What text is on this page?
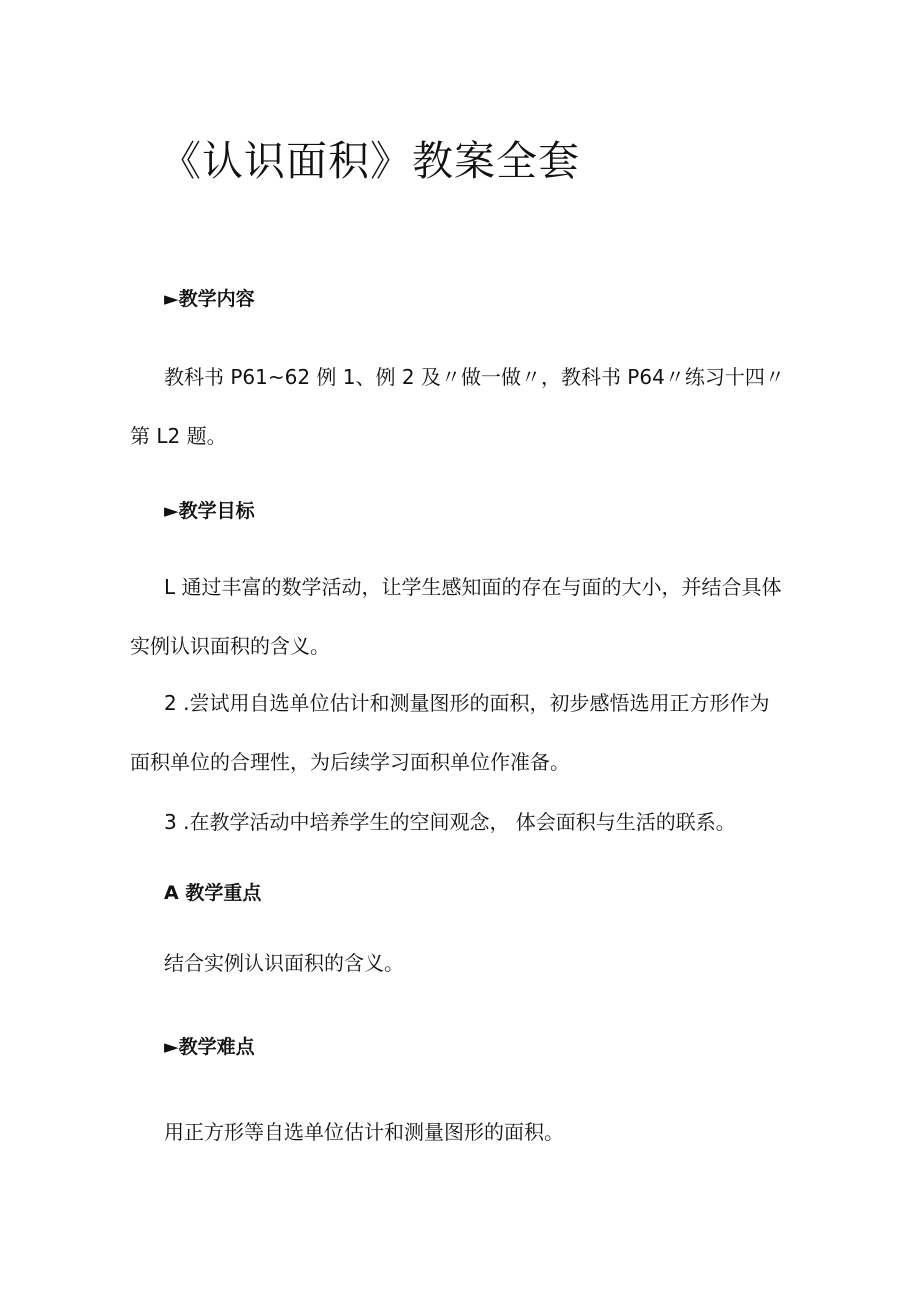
《认识面积》教案全套
►教学内容

教科书 P61~62 例 1、例 2 及〃做一做〃，教科书 P64〃练习十四〃
第 L2 题。

►教学目标

L 通过丰富的数学活动，让学生感知面的存在与面的大小，并结合具体
实例认识面积的含义。

2 .尝试用自选单位估计和测量图形的面积，初步感悟选用正方形作为
面积单位的合理性，为后续学习面积单位作准备。

3 .在教学活动中培养学生的空间观念， 体会面积与生活的联系。

A 教学重点

结合实例认识面积的含义。

►教学难点

用正方形等自选单位估计和测量图形的面积。
